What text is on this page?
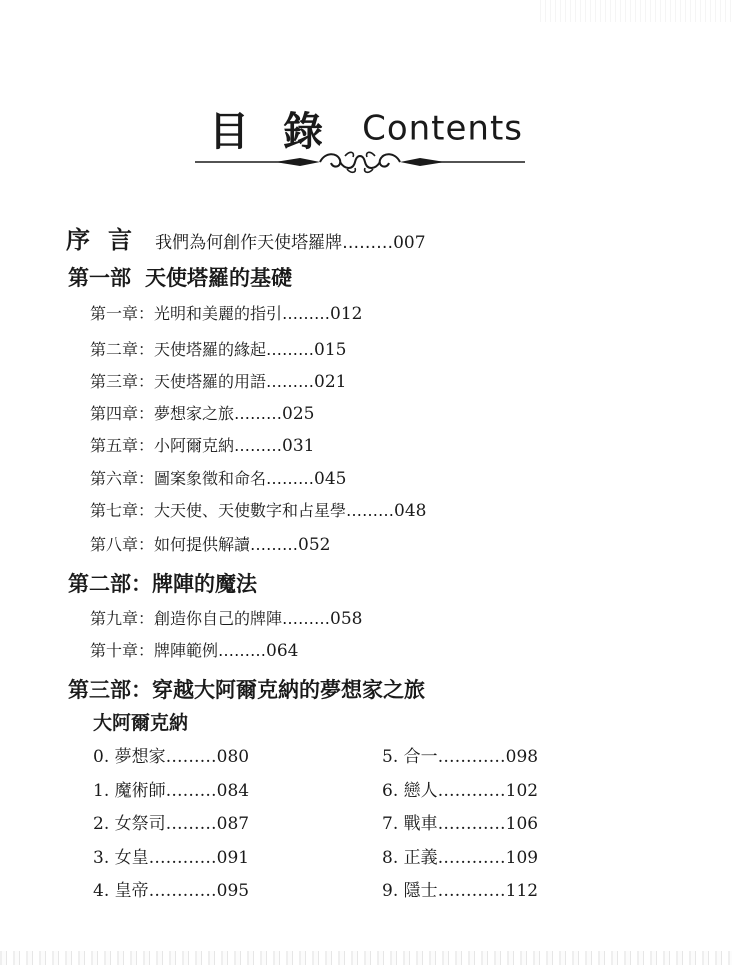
目錄 Contents
序言 我們為何創作天使塔羅牌………007
第一部 天使塔羅的基礎
第一章：光明和美麗的指引………012
第二章：天使塔羅的緣起………015
第三章：天使塔羅的用語………021
第四章：夢想家之旅………025
第五章：小阿爾克納………031
第六章：圖案象徵和命名………045
第七章：大天使、天使數字和占星學………048
第八章：如何提供解讀………052
第二部：牌陣的魔法
第九章：創造你自己的牌陣………058
第十章：牌陣範例………064
第三部：穿越大阿爾克納的夢想家之旅
大阿爾克納
0. 夢想家………080
1. 魔術師………084
2. 女祭司………087
3. 女皇…………091
4. 皇帝…………095
5. 合一…………098
6. 戀人…………102
7. 戰車…………106
8. 正義…………109
9. 隱士…………112
